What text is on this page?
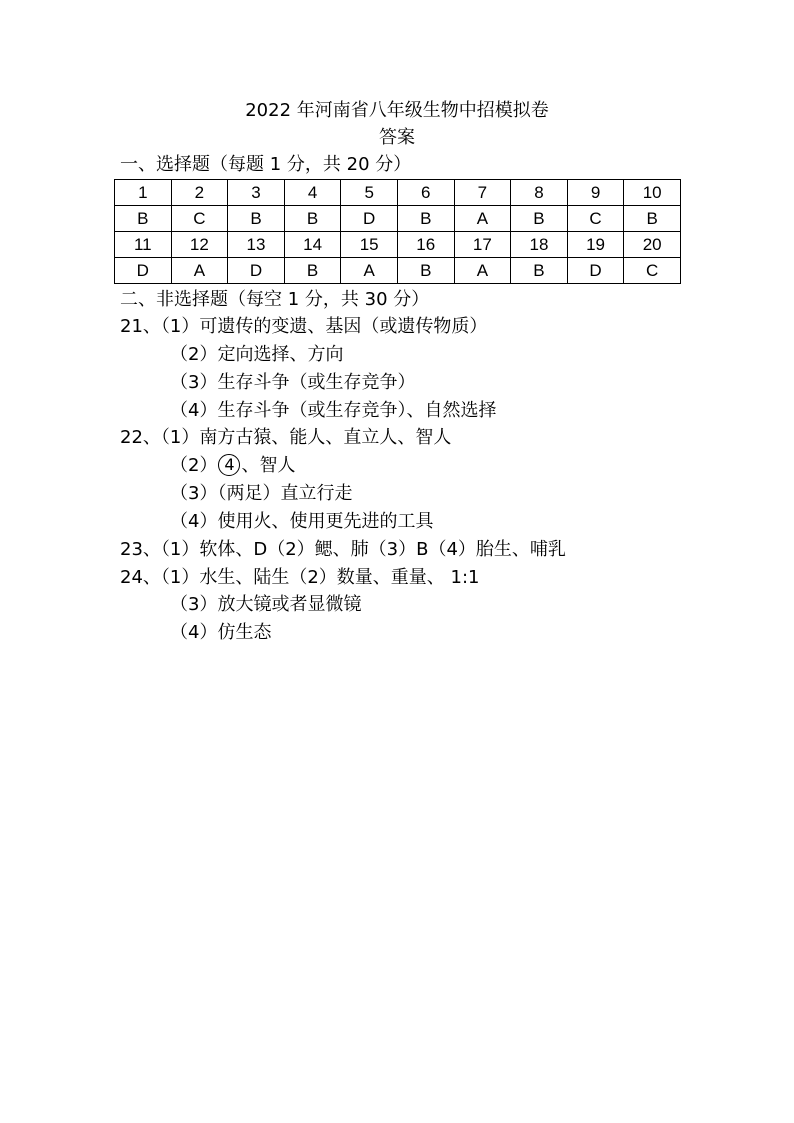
2022 年河南省八年级生物中招模拟卷
答案
一、选择题（每题 1 分，共 20 分）
1	2	3	4	5	6	7	8	9	10
B	C	B	B	D	B	A	B	C	B
11	12	13	14	15	16	17	18	19	20
D	A	D	B	A	B	A	B	D	C
二、非选择题（每空 1 分，共 30 分）
21、（1）可遗传的变遗、基因（或遗传物质）
（2）定向选择、方向
（3）生存斗争（或生存竞争）
（4）生存斗争（或生存竞争）、自然选择
22、（1）南方古猿、能人、直立人、智人
（2） 4 、智人
（3）（两足）直立行走
（4）使用火、使用更先进的工具
23、（1）软体、D（2）鳃、肺（3）B（4）胎生、哺乳
24、（1）水生、陆生（2）数量、重量、 1:1
（3）放大镜或者显微镜
（4）仿生态
